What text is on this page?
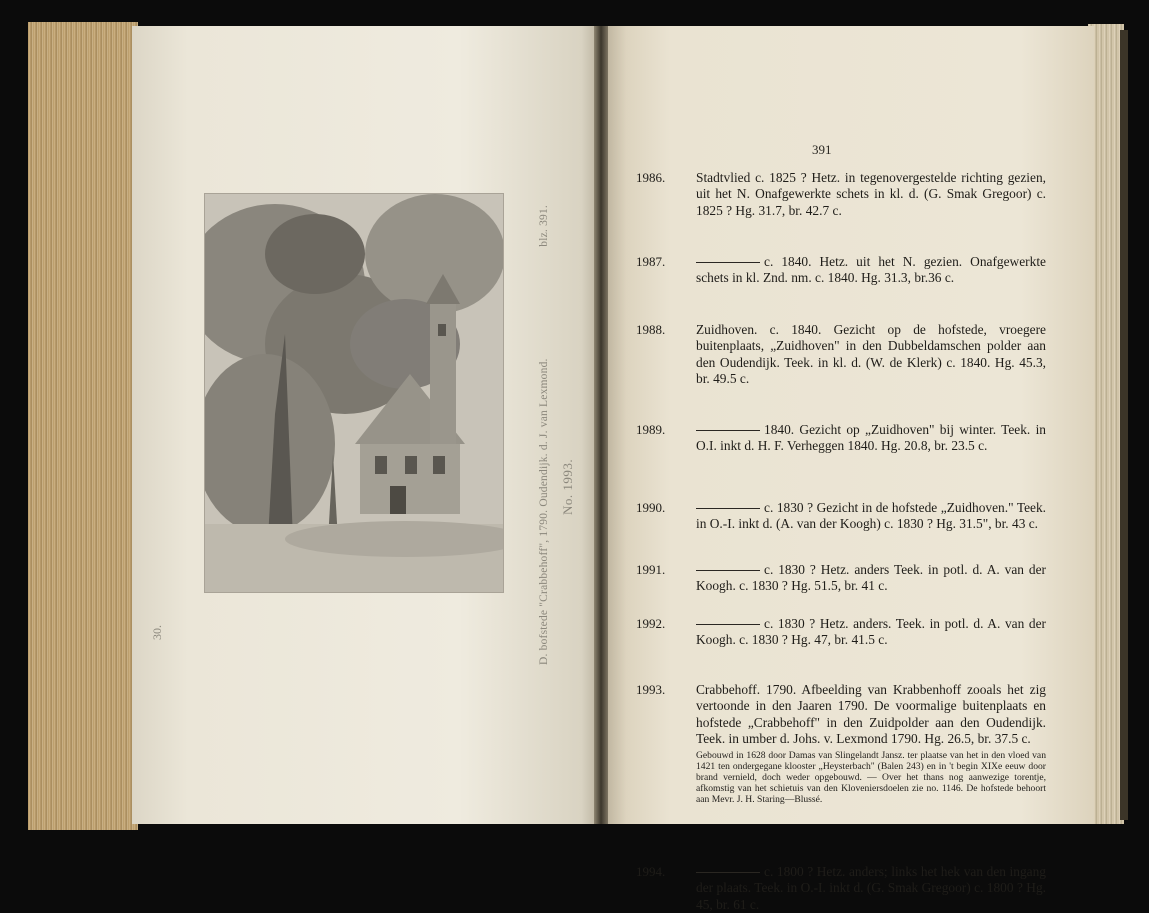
D. bofstede "Crabbehoff", 1790. Oudendijk. d. J. van Lexmond.
blz. 391.
No. 1993.
30.
391
1986.	Stadtvlied c. 1825 ? Hetz. in tegenovergestelde richting gezien, uit het N. Onafgewerkte schets in kl. d. (G. Smak Gregoor) c. 1825 ? Hg. 31.7, br. 42.7 c.
1987.	c. 1840. Hetz. uit het N. gezien. Onafgewerkte schets in kl. Znd. nm. c. 1840. Hg. 31.3, br.36 c.
1988.	Zuidhoven. c. 1840. Gezicht op de hofstede, vroegere buitenplaats, „Zuidhoven" in den Dubbeldamschen polder aan den Oudendijk. Teek. in kl. d. (W. de Klerk) c. 1840. Hg. 45.3, br. 49.5 c.
1989.	1840. Gezicht op „Zuidhoven" bij winter. Teek. in O.I. inkt d. H. F. Verheggen 1840. Hg. 20.8, br. 23.5 c.
1990.	c. 1830 ? Gezicht in de hofstede „Zuidhoven." Teek. in O.-I. inkt d. (A. van der Koogh) c. 1830 ? Hg. 31.5", br. 43 c.
1991.	c. 1830 ? Hetz. anders Teek. in potl. d. A. van der Koogh. c. 1830 ? Hg. 51.5, br. 41 c.
1992.	c. 1830 ? Hetz. anders. Teek. in potl. d. A. van der Koogh. c. 1830 ? Hg. 47, br. 41.5 c.
1993.	Crabbehoff. 1790. Afbeelding van Krabbenhoff zooals het zig vertoonde in den Jaaren 1790. De voormalige buitenplaats en hofstede „Crabbehoff" in den Zuidpolder aan den Oudendijk. Teek. in umber d. Johs. v. Lexmond 1790. Hg. 26.5, br. 37.5 c.
Gebouwd in 1628 door Damas van Slingelandt Jansz. ter plaatse van het in den vloed van 1421 ten ondergegane klooster „Heysterbach" (Balen 243) en in 't begin XIXe eeuw door brand vernield, doch weder opgebouwd. — Over het thans nog aanwezige torentje, afkomstig van het schietuis van den Kloveniersdoelen zie no. 1146. De hofstede behoort aan Mevr. J. H. Staring—Blussé.
1994.	c. 1800 ? Hetz. anders; links het hek van den ingang der plaats. Teek. in O.-I. inkt d. (G. Smak Gregoor) c. 1800 ? Hg. 45, br. 61 c.
